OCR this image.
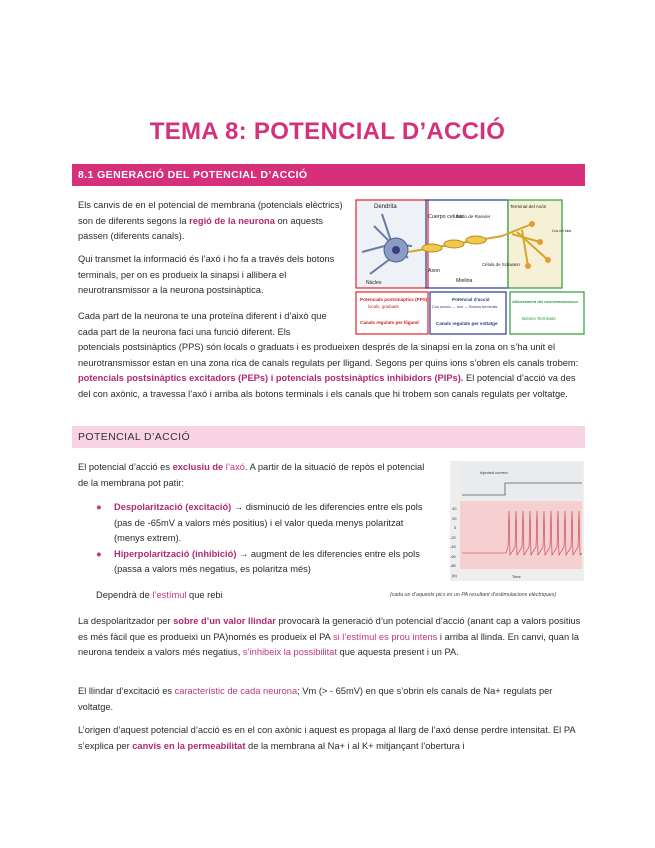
TEMA 8: POTENCIAL D’ACCIÓ
8.1 GENERACIÓ DEL POTENCIAL D’ACCIÓ
Els canvis de en el potencial de membrana (potencials elèctrics) son de diferents segons la regió de la neurona on aquests passen (diferents canals).
Qui transmet la informació és l’axó i ho fa a través dels botons terminals, per on es produeix la sinapsi i allibera el neurotransmissor a la neurona postsinàptica.
Cada part de la neurona te una proteïna diferent i d’això que cada part de la neurona faci una funció diferent. Els
potencials postsinàptics (PPS) són locals o graduats i es produeixen després de la sinapsi en la zona on s’ha unit el neurotransmissor estan en una zona rica de canals regulats per lligand. Segons per quins ions s’obren els canals trobem: potencials postsinàptics excitadors (PEPs) i potencials postsinàptics inhibidors (PIPs). El potencial d’acció va des del con axònic, a travessa l’axó i arriba als botons terminals i els canals que hi trobem son canals regulats per voltatge.
Dendrita
Cuerpo celular
Nodo de Ranvier
Terminal del Axón
Axon
Mielina
Célula de Schwann
Núcleo
Cos cel·lular
Potencials postsinàptics (PPS)
locals, graduats
Canals regulats per lligand
Potencial d’acció
Con axònic → Axó → Botons terminals
Canals regulats per voltatge
Alliberament del neurotransmissor
Botons Terminals
POTENCIAL D’ACCIÓ
El potencial d’acció es exclusiu de l’axó. A partir de la situació de repòs el potencial de la membrana pot patir:
● Despolarització (excitació) → disminució de les diferencies entre els pols (pas de -65mV a valors més positius) i el valor queda menys polaritzat (menys extrem).
● Hiperpolarització (inhibició) → augment de les diferencies entre els pols (passa a valors més negatius, es polaritza més)
Dependrà de l’estímul que rebi
Injected current
40
20
0
-20
-40
-60
-80
(b)	Time
(cada un d’aquests pics es un PA resultant d’estimulacions elèctriques)
La despolaritzador per sobre d’un valor llindar provocarà la generació d’un potencial d’acció (anant cap a valors positius es més fàcil que es produeixi un PA)només es produeix el PA si l’estímul es prou intens i arriba al llinda. En canvi, quan la neurona tendeix a valors més negatius, s’inhibeix la possibilitat que aquesta present i un PA.
El llindar d’excitació es característic de cada neurona; Vm (> - 65mV) en que s’obrin els canals de Na+ regulats per voltatge.
L’origen d’aquest potencial d’acció es en el con axònic i aquest es propaga al llarg de l’axó dense perdre intensitat. El PA s’explica per canvis en la permeabilitat de la membrana al Na+ i al K+ mitjançant l’obertura i
